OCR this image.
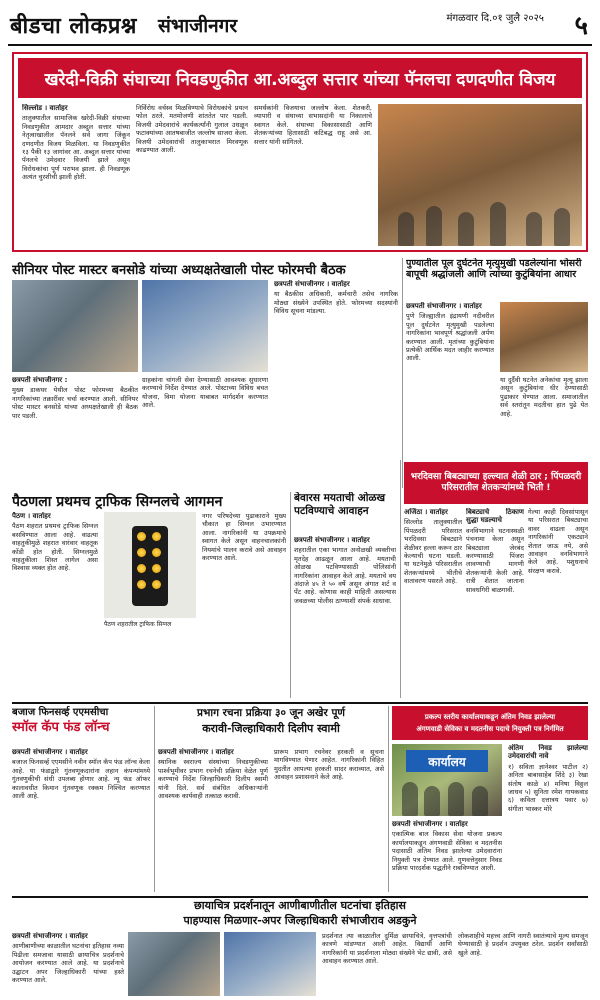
बीडचा लोकप्रश्न संभाजीनगर	मंगळवार दि.०१ जुलै २०२५ ५
खरेदी-विक्री संघाच्या निवडणुकीत आ.अब्दुल सत्तार यांच्या पॅनलचा दणदणीत विजय
सिल्लोड । वार्ताहर
तालुक्यातील सामाजिक खरेदी-विक्री संघाच्या निवडणुकीत आमदार अब्दुल सत्तार यांच्या नेतृत्वाखालील पॅनलने सर्व जागा जिंकून दणदणीत विजय मिळविला. या निवडणुकीत १३ पैकी १३ जागांवर आ. अब्दुल सत्तार यांच्या पॅनलचे उमेदवार विजयी झाले असून विरोधकांचा पूर्ण पराभव झाला. ही निवडणूक अत्यंत चुरशीची झाली होती.
निर्विरोध वर्चस्व मिळविण्याचे विरोधकांचे प्रयत्न फोल ठरले. मतमोजणी शांततेत पार पडली. विजयी उमेदवारांचे कार्यकर्त्यांनी गुलाल उधळून फटाक्यांच्या आतषबाजीत जल्लोष साजरा केला. विजयी उमेदवारांची तालुकाभरात मिरवणूक काढण्यात आली.
समर्थकांनी विजयाचा जल्लोष केला. शेतकरी, व्यापारी व संघाच्या सभासदांनी या निकालाचे स्वागत केले. संघाच्या विकासासाठी आणि शेतकऱ्यांच्या हितासाठी कटिबद्ध राहू असे आ. सत्तार यांनी सांगितले.
सीनियर पोस्ट मास्टर बनसोडे यांच्या अध्यक्षतेखाली पोस्ट फोरमची बैठक
छत्रपती संभाजीनगर :
मुख्य डाकघर येथील पोस्ट फोरमच्या बैठकीत नागरिकांच्या तक्रारींवर चर्चा करण्यात आली. सीनियर पोस्ट मास्टर बनसोडे यांच्या अध्यक्षतेखाली ही बैठक पार पडली.
ग्राहकांना चांगली सेवा देण्यासाठी आवश्यक सुधारणा करण्याचे निर्देश देण्यात आले. पोस्टाच्या विविध बचत योजना, विमा योजना याबाबत मार्गदर्शन करण्यात आले.
छत्रपती संभाजीनगर । वार्ताहर
या बैठकीस अधिकारी, कर्मचारी तसेच नागरिक मोठ्या संख्येने उपस्थित होते. फोरमच्या सदस्यांनी विविध सूचना मांडल्या.
पुण्यातील पूल दुर्घटनेत मृत्युमुखी पडलेल्यांना भोसरी बापूची श्रद्धांजली आणि त्यांच्या कुटुंबियांना आधार
छत्रपती संभाजीनगर । वार्ताहर
पुणे जिल्ह्यातील इंद्रायणी नदीवरील पूल दुर्घटनेत मृत्युमुखी पडलेल्या नागरिकांना भावपूर्ण श्रद्धांजली अर्पण करण्यात आली. मृतांच्या कुटुंबियांना प्रत्येकी आर्थिक मदत जाहीर करण्यात आली.
या दुर्दैवी घटनेत अनेकांचा मृत्यू झाला असून कुटुंबियांना धीर देण्यासाठी पुढाकार घेण्यात आला. समाजातील सर्व स्तरांतून मदतीचा हात पुढे येत आहे.
पैठणला प्रथमच ट्राफिक सिग्नलचे आगमन
पैठण । वार्ताहर
पैठण शहरात प्रथमच ट्राफिक सिग्नल बसविण्यात आला आहे. वाढत्या वाहतुकीमुळे शहरात वारंवार वाहतूक कोंडी होत होती. सिग्नलमुळे वाहतुकीला शिस्त लागेल असा विश्वास व्यक्त होत आहे.
पैठण शहरातील ट्राफिक सिग्नल
नगर परिषदेच्या पुढाकाराने मुख्य चौकात हा सिग्नल उभारण्यात आला. नागरिकांनी या उपक्रमाचे स्वागत केले असून वाहनचालकांनी नियमांचे पालन करावे असे आवाहन करण्यात आले.
बेवारस मयताची ओळख पटविण्याचे आवाहन
छत्रपती संभाजीनगर । वार्ताहर
शहरातील एका भागात अनोळखी व्यक्तीचा मृतदेह आढळून आला आहे. मयताची ओळख पटविण्यासाठी पोलिसांनी नागरिकांना आवाहन केले आहे. मयताचे वय अंदाजे ४५ ते ५० वर्षे असून अंगात शर्ट व पँट आहे. कोणास काही माहिती असल्यास जवळच्या पोलीस ठाण्याशी संपर्क साधावा.
भरदिवसा बिबट्याच्या हल्ल्यात शेळी ठार ; पिंपळदरी परिसरातील शेतकऱ्यांमध्ये भिती !
अजिंठा । वार्ताहर
सिल्लोड तालुक्यातील पिंपळदरी परिसरात भरदिवसा बिबट्याने शेळीवर हल्ला करून ठार केल्याची घटना घडली. या घटनेमुळे परिसरातील शेतकऱ्यांमध्ये भीतीचे वातावरण पसरले आहे.
बिबट्याचे ठिकाण सुद्धा घडल्याचे
वनविभागाने घटनास्थळी पंचनामा केला असून बिबट्याला जेरबंद करण्यासाठी पिंजरा लावण्याची मागणी शेतकऱ्यांनी केली आहे. रात्री शेतात जाताना सावधगिरी बाळगावी.
गेल्या काही दिवसांपासून या परिसरात बिबट्याचा वावर वाढला असून नागरिकांनी एकट्याने शेतात जाऊ नये, असे आवाहन वनविभागाने केले आहे. पशुधनाचे संरक्षण करावे.
बजाज फिनसर्व्ह एएमसीचा
स्मॉल कॅप फंड लॉन्च
छत्रपती संभाजीनगर । वार्ताहर
बजाज फिनसर्व्ह एएमसीने नवीन स्मॉल कॅप फंड लॉन्च केला आहे. या फंडाद्वारे गुंतवणूकदारांना लहान कंपन्यांमध्ये गुंतवणुकीची संधी उपलब्ध होणार आहे. न्यू फंड ऑफर कालावधीत किमान गुंतवणूक रक्कम निश्चित करण्यात आली आहे.
प्रभाग रचना प्रक्रिया ३० जून अखेर पूर्ण
करावी-जिल्हाधिकारी दिलीप स्वामी
छत्रपती संभाजीनगर । वार्ताहर
स्थानिक स्वराज्य संस्थांच्या निवडणुकीच्या पार्श्वभूमीवर प्रभाग रचनेची प्रक्रिया वेळेत पूर्ण करण्याचे निर्देश जिल्हाधिकारी दिलीप स्वामी यांनी दिले. सर्व संबंधित अधिकाऱ्यांनी आवश्यक कार्यवाही तत्काळ करावी.
प्रारूप प्रभाग रचनेवर हरकती व सूचना मागविण्यात येणार आहेत. नागरिकांनी विहित मुदतीत आपल्या हरकती सादर कराव्यात, असे आवाहन प्रशासनाने केले आहे.
प्रकल्प स्तरीय कार्यालयाकडून अंतिम निवड झालेल्या
अंगणवाडी सेविका व मदतनीस पदाचे नियुक्ती पत्र निर्गमित
कार्यालय
छत्रपती संभाजीनगर । वार्ताहर
एकात्मिक बाल विकास सेवा योजना प्रकल्प कार्यालयाकडून अंगणवाडी सेविका व मदतनीस पदासाठी अंतिम निवड झालेल्या उमेदवारांना नियुक्ती पत्र देण्यात आले. गुणवत्तेनुसार निवड प्रक्रिया पारदर्शक पद्धतीने राबविण्यात आली.
अंतिम निवड झालेल्या उमेदवारांची नावे
१) सविता ज्ञानेश्वर पाटील २) अनिता बाबासाहेब शिंदे ३) रेखा संतोष काळे ४) मनिषा विठ्ठल जाधव ५) सुनिता रमेश गायकवाड ६) कविता दत्तात्रय पवार ७) संगीता भास्कर मोरे
छायाचित्र प्रदर्शनातून आणीबाणीतील घटनांचा इतिहास
पाहण्यास मिळणार-अपर जिल्हाधिकारी संभाजीराव अडकुने
छत्रपती संभाजीनगर । वार्ताहर
आणीबाणीच्या काळातील घटनांचा इतिहास नव्या पिढीला समजावा यासाठी छायाचित्र प्रदर्शनाचे आयोजन करण्यात आले आहे. या प्रदर्शनाचे उद्घाटन अपर जिल्हाधिकारी यांच्या हस्ते करण्यात आले.
प्रदर्शनात त्या काळातील दुर्मिळ छायाचित्रे, वृत्तपत्रांची कात्रणे मांडण्यात आली आहेत. विद्यार्थी आणि नागरिकांनी या प्रदर्शनाला मोठ्या संख्येने भेट द्यावी, असे आवाहन करण्यात आले.
लोकशाहीचे महत्त्व आणि नागरी स्वातंत्र्याचे मूल्य समजून घेण्यासाठी हे प्रदर्शन उपयुक्त ठरेल. प्रदर्शन सर्वांसाठी खुले आहे.
